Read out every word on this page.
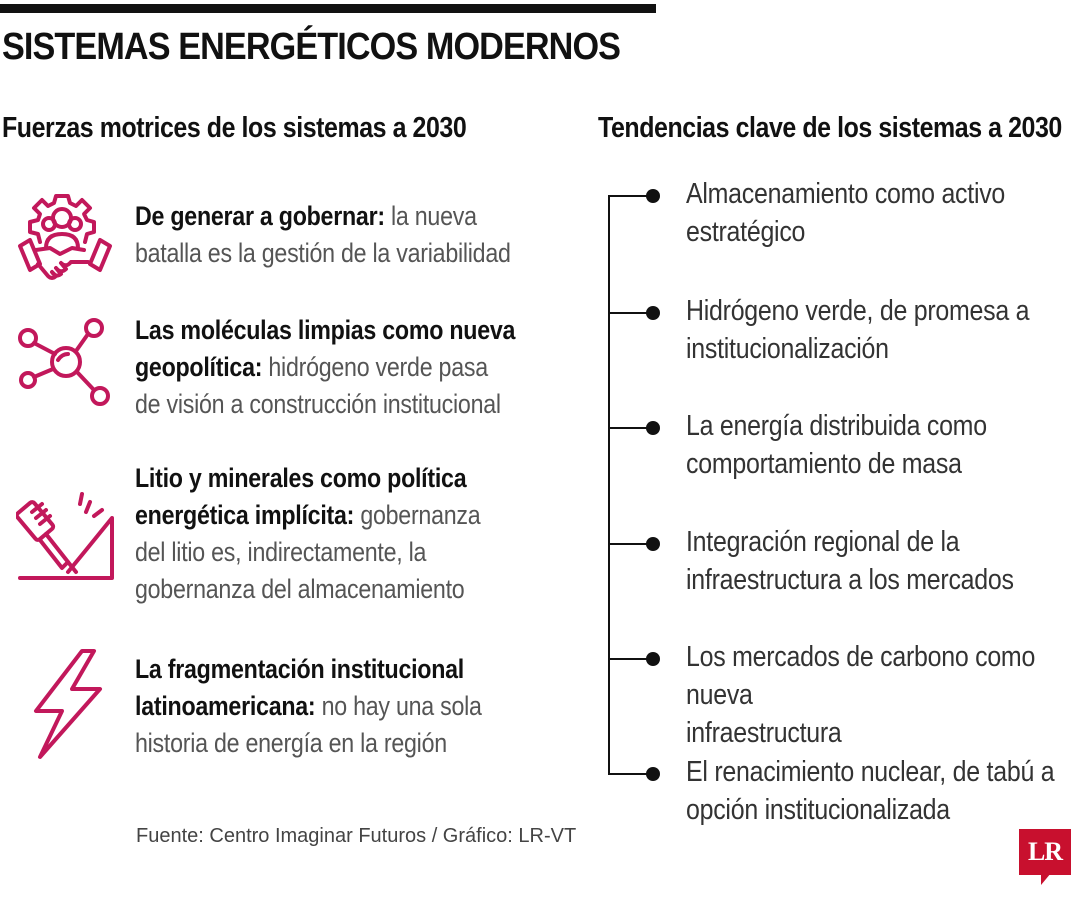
SISTEMAS ENERGÉTICOS MODERNOS
Fuerzas motrices de los sistemas a 2030	Tendencias clave de los sistemas a 2030
De generar a gobernar: la nueva
batalla es la gestión de la variabilidad
Las moléculas limpias como nueva
geopolítica: hidrógeno verde pasa
de visión a construcción institucional
Litio y minerales como política
energética implícita: gobernanza
del litio es, indirectamente, la
gobernanza del almacenamiento
La fragmentación institucional
latinoamericana: no hay una sola
historia de energía en la región
Almacenamiento como activo
estratégico
Hidrógeno verde, de promesa a
institucionalización
La energía distribuida como
comportamiento de masa
Integración regional de la
infraestructura a los mercados
Los mercados de carbono como nueva
infraestructura
El renacimiento nuclear, de tabú a
opción institucionalizada
Fuente: Centro Imaginar Futuros / Gráfico: LR-VT
LR
